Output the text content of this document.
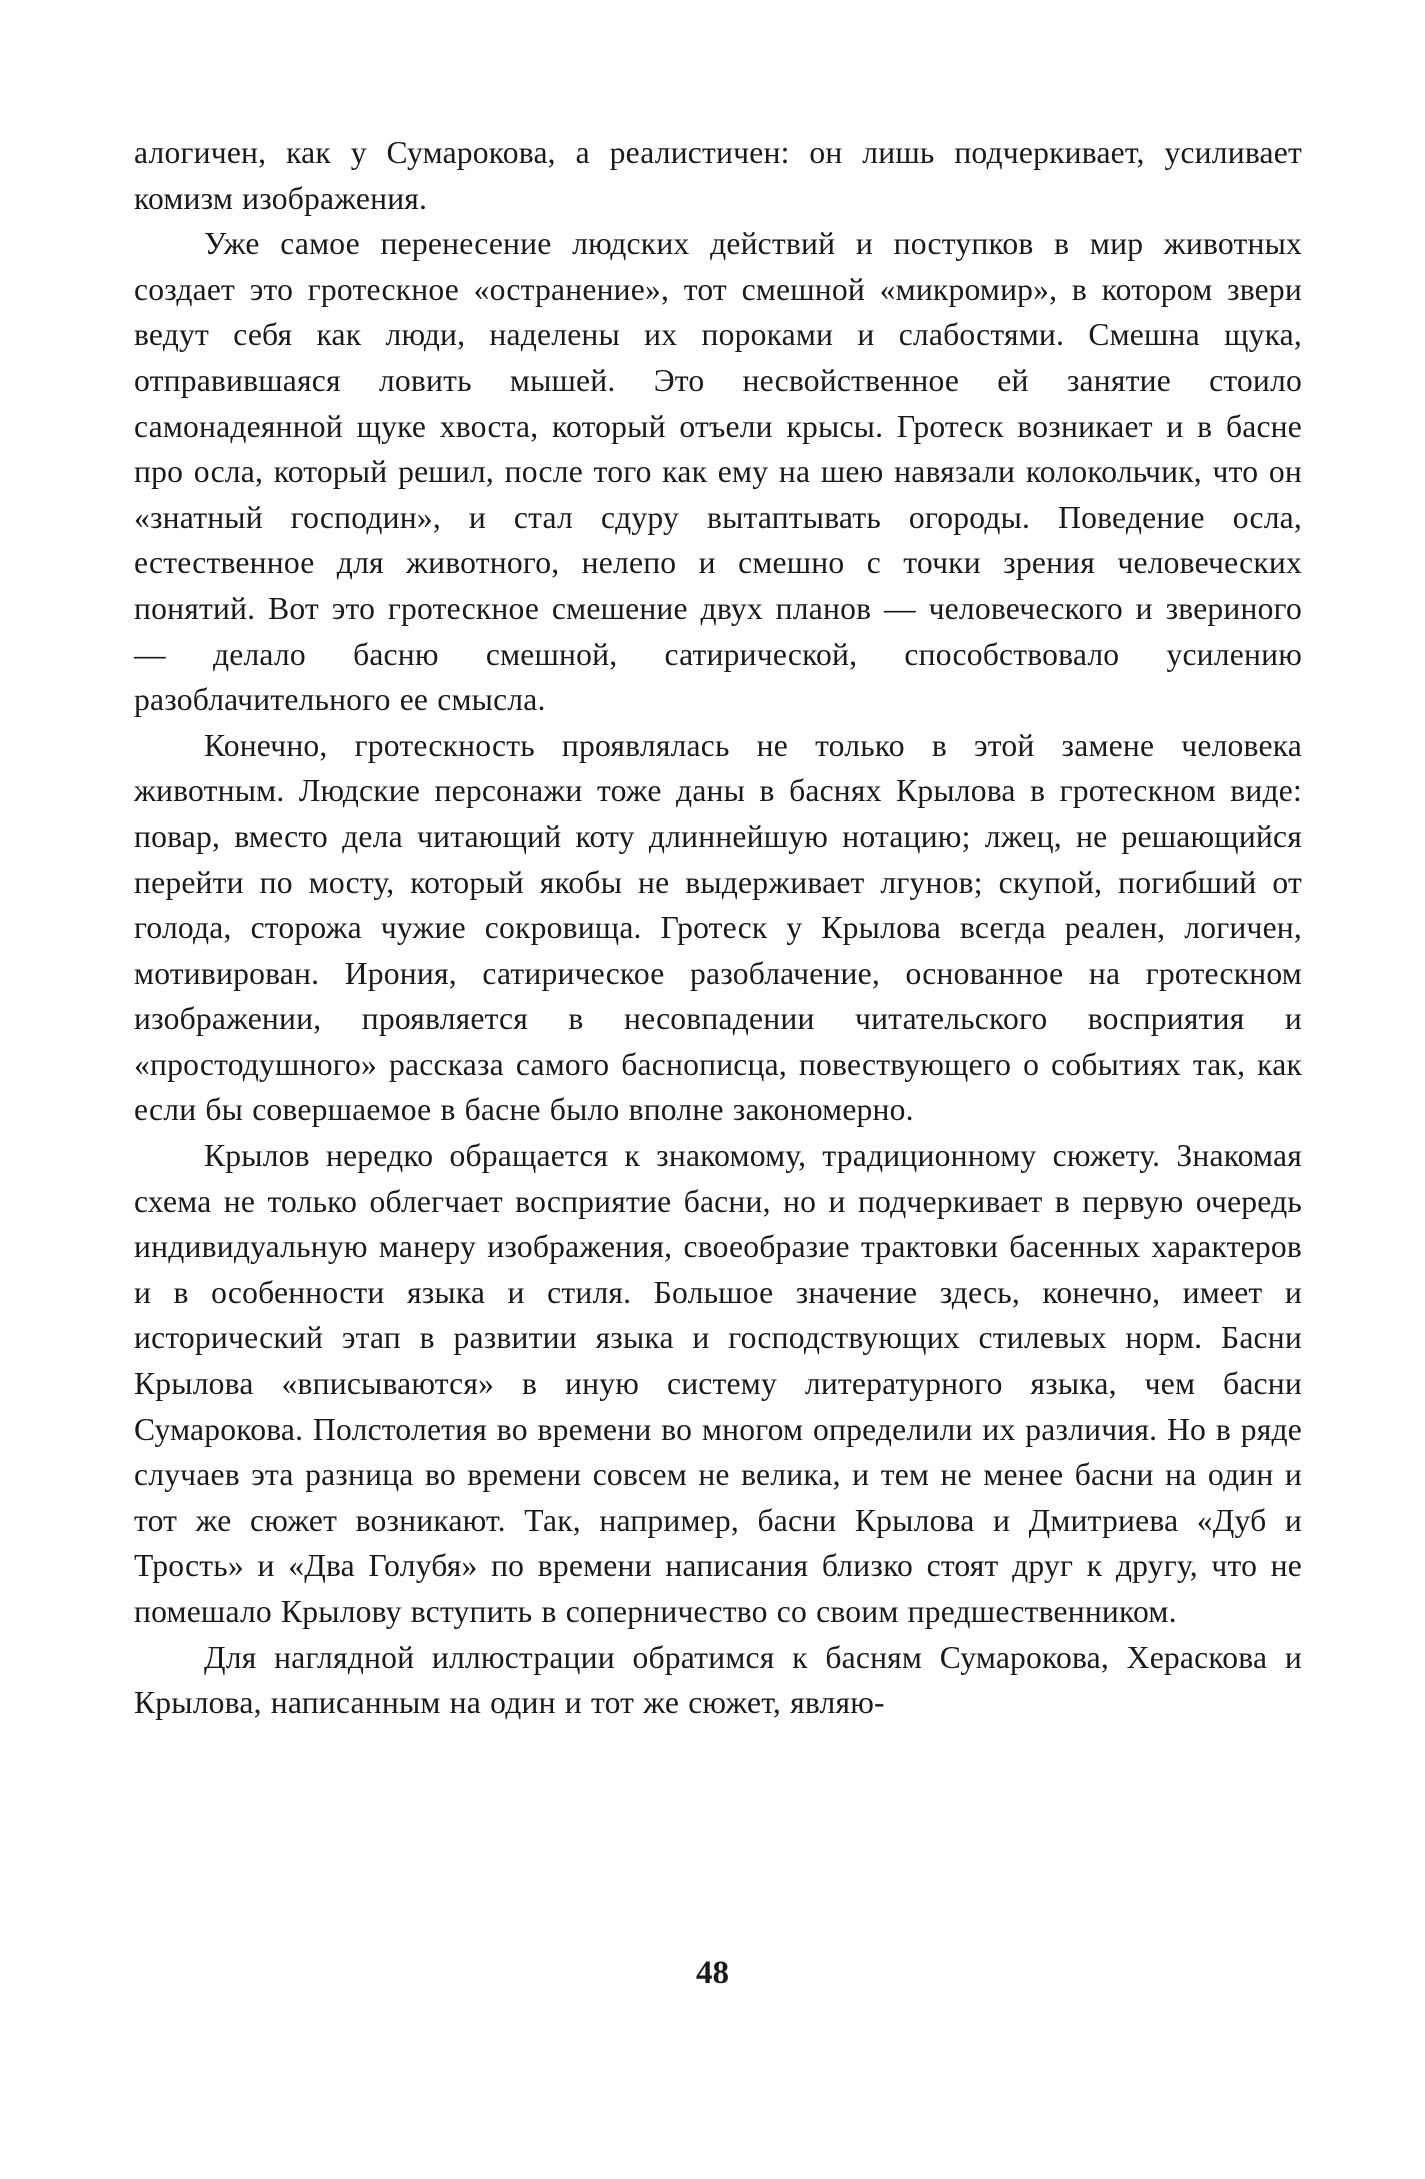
алогичен, как у Сумарокова, а реалистичен: он лишь подчеркивает, усиливает комизм изображения.

Уже самое перенесение людских действий и поступков в мир животных создает это гротескное «остранение», тот смешной «микромир», в котором звери ведут себя как люди, наделены их пороками и слабостями. Смешна щука, отправившаяся ловить мышей. Это несвойственное ей занятие стоило самонадеянной щуке хвоста, который отъели крысы. Гротеск возникает и в басне про осла, который решил, после того как ему на шею навязали колокольчик, что он «знатный господин», и стал сдуру вытаптывать огороды. Поведение осла, естественное для животного, нелепо и смешно с точки зрения человеческих понятий. Вот это гротескное смешение двух планов — человеческого и звериного — делало басню смешной, сатирической, способствовало усилению разоблачительного ее смысла.

Конечно, гротескность проявлялась не только в этой замене человека животным. Людские персонажи тоже даны в баснях Крылова в гротескном виде: повар, вместо дела читающий коту длиннейшую нотацию; лжец, не решающийся перейти по мосту, который якобы не выдерживает лгунов; скупой, погибший от голода, сторожа чужие сокровища. Гротеск у Крылова всегда реален, логичен, мотивирован. Ирония, сатирическое разоблачение, основанное на гротескном изображении, проявляется в несовпадении читательского восприятия и «простодушного» рассказа самого баснописца, повествующего о событиях так, как если бы совершаемое в басне было вполне закономерно.

Крылов нередко обращается к знакомому, традиционному сюжету. Знакомая схема не только облегчает восприятие басни, но и подчеркивает в первую очередь индивидуальную манеру изображения, своеобразие трактовки басенных характеров и в особенности языка и стиля. Большое значение здесь, конечно, имеет и исторический этап в развитии языка и господствующих стилевых норм. Басни Крылова «вписываются» в иную систему литературного языка, чем басни Сумарокова. Полстолетия во времени во многом определили их различия. Но в ряде случаев эта разница во времени совсем не велика, и тем не менее басни на один и тот же сюжет возникают. Так, например, басни Крылова и Дмитриева «Дуб и Трость» и «Два Голубя» по времени написания близко стоят друг к другу, что не помешало Крылову вступить в соперничество со своим предшественником.

Для наглядной иллюстрации обратимся к басням Сумарокова, Хераскова и Крылова, написанным на один и тот же сюжет, являю-

48
